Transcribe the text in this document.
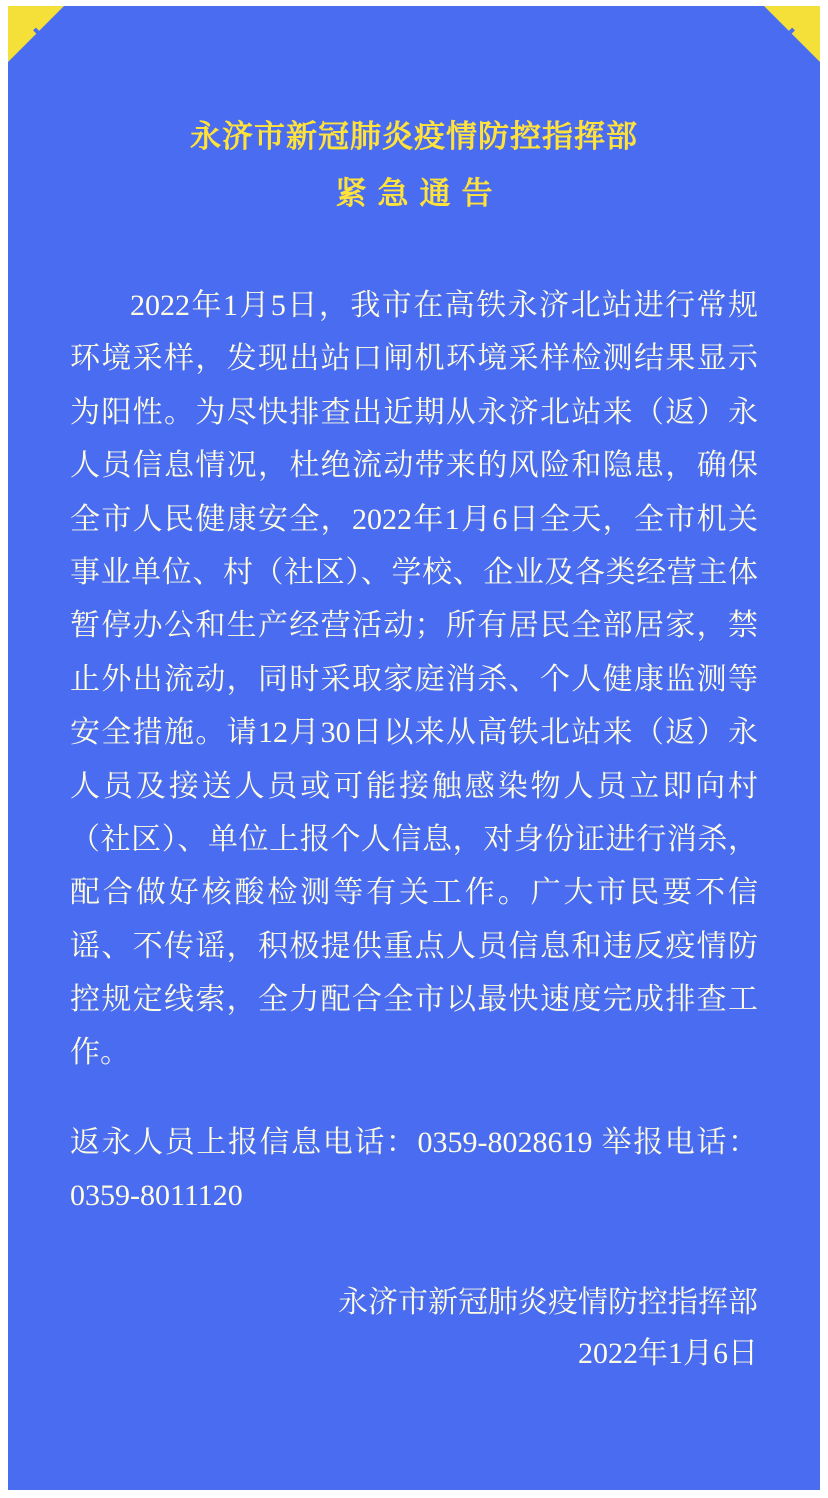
✕	✕
永济市新冠肺炎疫情防控指挥部
紧急通告

2022年1月5日，我市在高铁永济北站进行常规环境采样，发现出站口闸机环境采样检测结果显示为阳性。为尽快排查出近期从永济北站来（返）永人员信息情况，杜绝流动带来的风险和隐患，确保全市人民健康安全，2022年1月6日全天，全市机关事业单位、村（社区）、学校、企业及各类经营主体暂停办公和生产经营活动；所有居民全部居家，禁止外出流动，同时采取家庭消杀、个人健康监测等安全措施。请12月30日以来从高铁北站来（返）永人员及接送人员或可能接触感染物人员立即向村（社区）、单位上报个人信息，对身份证进行消杀，配合做好核酸检测等有关工作。广大市民要不信谣、不传谣，积极提供重点人员信息和违反疫情防控规定线索，全力配合全市以最快速度完成排查工作。

返永人员上报信息电话：0359-8028619 举报电话：0359-8011120

永济市新冠肺炎疫情防控指挥部
2022年1月6日
